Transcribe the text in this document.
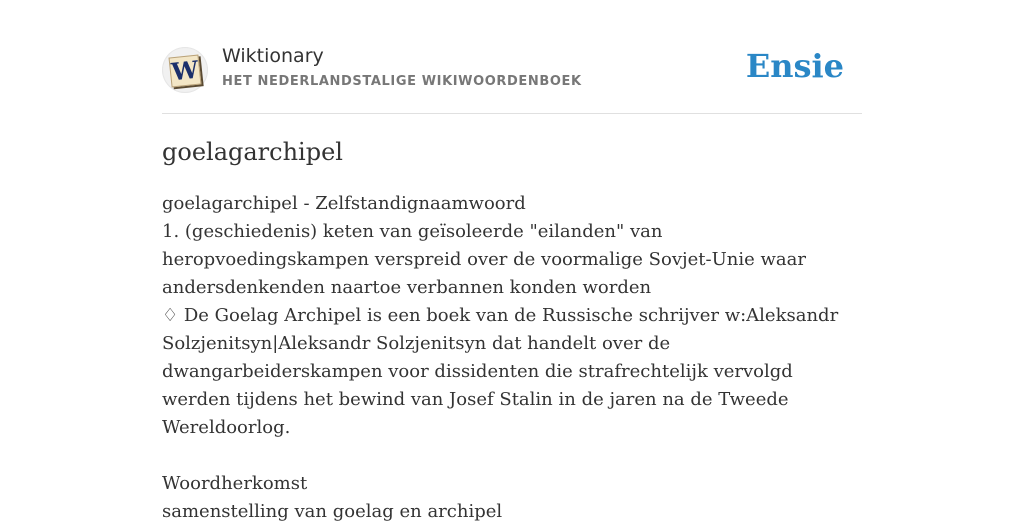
W Wiktionary
HET NEDERLANDSTALIGE WIKIWOORDENBOEK	Ensie
goelagarchipel

goelagarchipel - Zelfstandignaamwoord

1. (geschiedenis) keten van geïsoleerde "eilanden" van heropvoedingskampen verspreid over de voormalige Sovjet-Unie waar andersdenkenden naartoe verbannen konden worden

♢ De Goelag Archipel is een boek van de Russische schrijver w:Aleksandr Solzjenitsyn|Aleksandr Solzjenitsyn dat handelt over de dwangarbeiderskampen voor dissidenten die strafrechtelijk vervolgd werden tijdens het bewind van Josef Stalin in de jaren na de Tweede Wereldoorlog.

Woordherkomst

samenstelling van goelag en archipel
